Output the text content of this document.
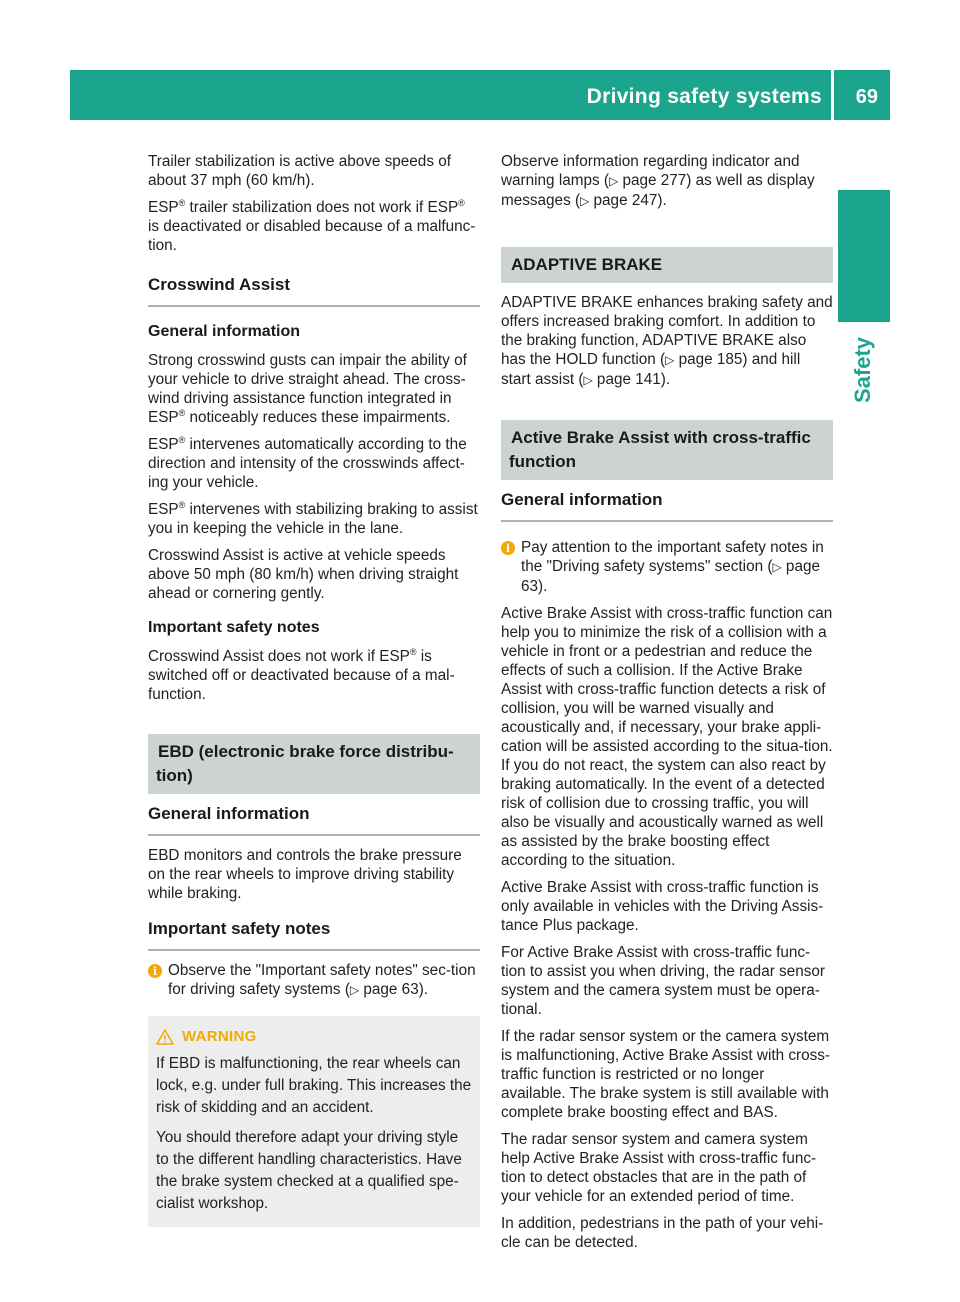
Driving safety systems 69
Safety

Trailer stabilization is active above speeds of about 37 mph (60 km/h).

ESP® trailer stabilization does not work if ESP® is deactivated or disabled because of a malfunc-tion.

Crosswind Assist
General information

Strong crosswind gusts can impair the ability of your vehicle to drive straight ahead. The cross-wind driving assistance function integrated in ESP® noticeably reduces these impairments.

ESP® intervenes automatically according to the direction and intensity of the crosswinds affect-ing your vehicle.

ESP® intervenes with stabilizing braking to assist you in keeping the vehicle in the lane.

Crosswind Assist is active at vehicle speeds above 50 mph (80 km/h) when driving straight ahead or cornering gently.

Important safety notes

Crosswind Assist does not work if ESP® is switched off or deactivated because of a mal-function.

EBD (electronic brake force distribu-tion)
General information

EBD monitors and controls the brake pressure on the rear wheels to improve driving stability while braking.

Important safety notes
i Observe the "Important safety notes" sec-tion for driving safety systems (▷ page 63).
WARNING

If EBD is malfunctioning, the rear wheels can lock, e.g. under full braking. This increases the risk of skidding and an accident.

You should therefore adapt your driving style to the different handling characteristics. Have the brake system checked at a qualified spe-cialist workshop.

Observe information regarding indicator and warning lamps (▷ page 277) as well as display messages (▷ page 247).

ADAPTIVE BRAKE

ADAPTIVE BRAKE enhances braking safety and offers increased braking comfort. In addition to the braking function, ADAPTIVE BRAKE also has the HOLD function (▷ page 185) and hill start assist (▷ page 141).

Active Brake Assist with cross-traffic function
General information
i Pay attention to the important safety notes in the "Driving safety systems" section (▷ page 63).

Active Brake Assist with cross-traffic function can help you to minimize the risk of a collision with a vehicle in front or a pedestrian and reduce the effects of such a collision. If the Active Brake Assist with cross-traffic function detects a risk of collision, you will be warned visually and acoustically and, if necessary, your brake appli-cation will be assisted according to the situa-tion. If you do not react, the system can also react by braking automatically. In the event of a detected risk of collision due to crossing traffic, you will also be visually and acoustically warned as well as assisted by the brake boosting effect according to the situation.

Active Brake Assist with cross-traffic function is only available in vehicles with the Driving Assis-tance Plus package.

For Active Brake Assist with cross-traffic func-tion to assist you when driving, the radar sensor system and the camera system must be opera-tional.

If the radar sensor system or the camera system is malfunctioning, Active Brake Assist with cross-traffic function is restricted or no longer available. The brake system is still available with complete brake boosting effect and BAS.

The radar sensor system and camera system help Active Brake Assist with cross-traffic func-tion to detect obstacles that are in the path of your vehicle for an extended period of time.

In addition, pedestrians in the path of your vehi-cle can be detected.
